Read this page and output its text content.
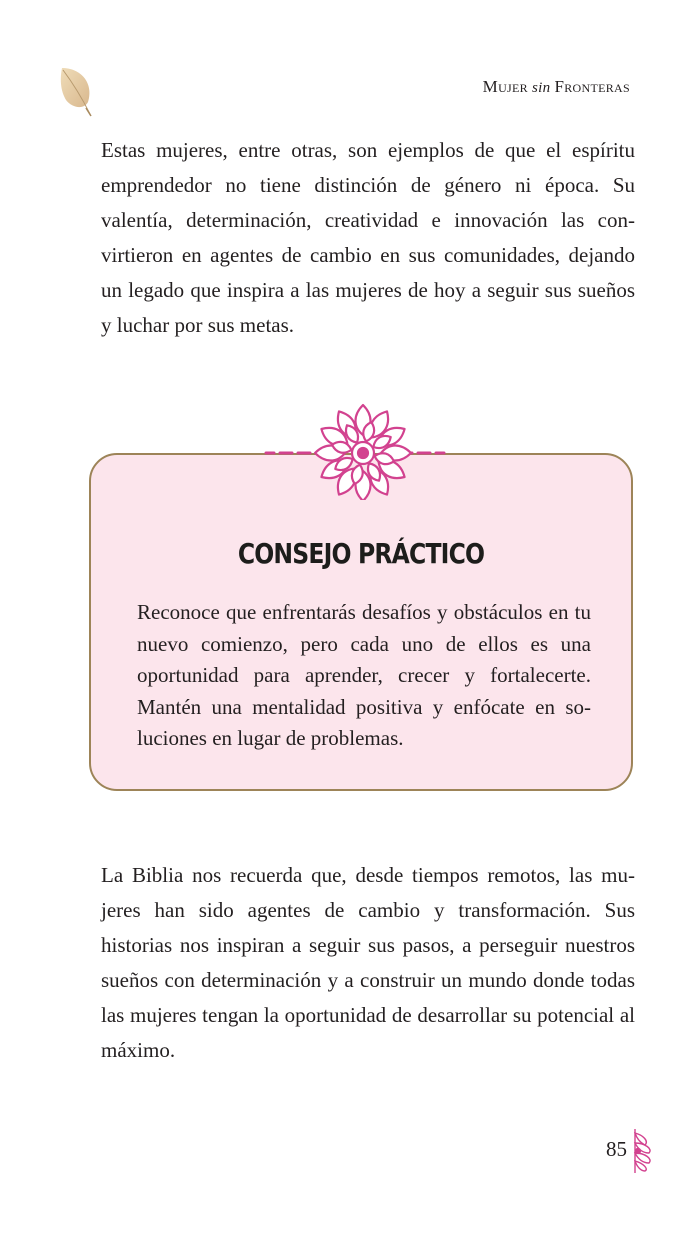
Mujer sin Fronteras

Estas mujeres, entre otras, son ejemplos de que el espíritu emprendedor no tiene distinción de género ni época. Su valentía, determinación, creatividad e innovación las convirtieron en agentes de cambio en sus comunidades, dejando un legado que inspira a las mujeres de hoy a seguir sus sueños y luchar por sus metas.

CONSEJO PRÁCTICO

Reconoce que enfrentarás desafíos y obstáculos en tu nuevo comienzo, pero cada uno de ellos es una oportunidad para aprender, crecer y fortalecerte. Mantén una mentalidad positiva y enfócate en soluciones en lugar de problemas.

La Biblia nos recuerda que, desde tiempos remotos, las mujeres han sido agentes de cambio y transformación. Sus historias nos inspiran a seguir sus pasos, a perseguir nuestros sueños con determinación y a construir un mundo donde todas las mujeres tengan la oportunidad de desarrollar su potencial al máximo.

85
